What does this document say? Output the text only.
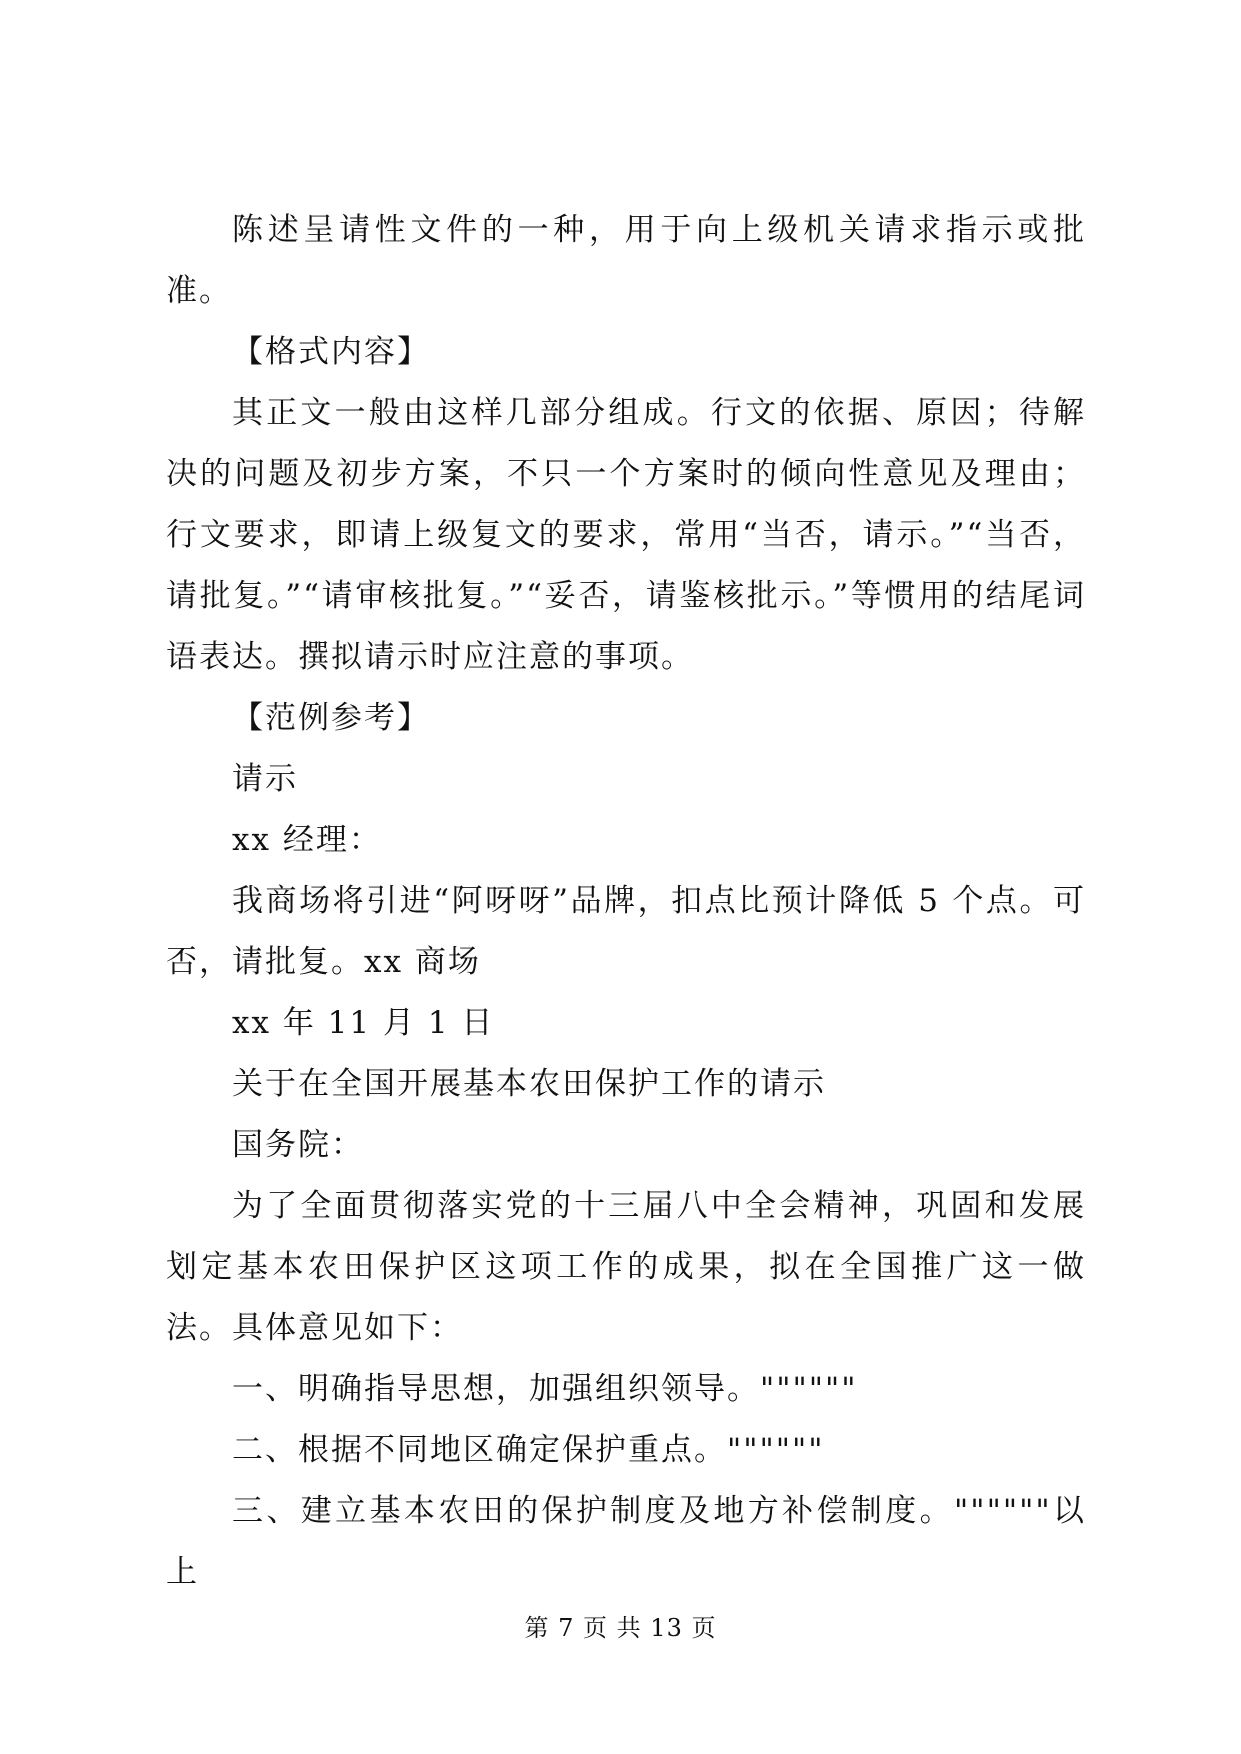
陈述呈请性文件的一种，用于向上级机关请求指示或批准。

【格式内容】

其正文一般由这样几部分组成。行文的依据、原因；待解决的问题及初步方案，不只一个方案时的倾向性意见及理由；行文要求，即请上级复文的要求，常用“当否，请示。”“当否，请批复。”“请审核批复。”“妥否，请鉴核批示。”等惯用的结尾词语表达。撰拟请示时应注意的事项。

【范例参考】

请示

xx 经理：

我商场将引进“阿呀呀”品牌，扣点比预计降低 5 个点。可否，请批复。xx 商场

xx 年 11 月 1 日

关于在全国开展基本农田保护工作的请示

国务院：

为了全面贯彻落实党的十三届八中全会精神，巩固和发展划定基本农田保护区这项工作的成果，拟在全国推广这一做法。具体意见如下：

一、明确指导思想，加强组织领导。""""""

二、根据不同地区确定保护重点。""""""

三、建立基本农田的保护制度及地方补偿制度。""""""以上

第 7 页 共 13 页
